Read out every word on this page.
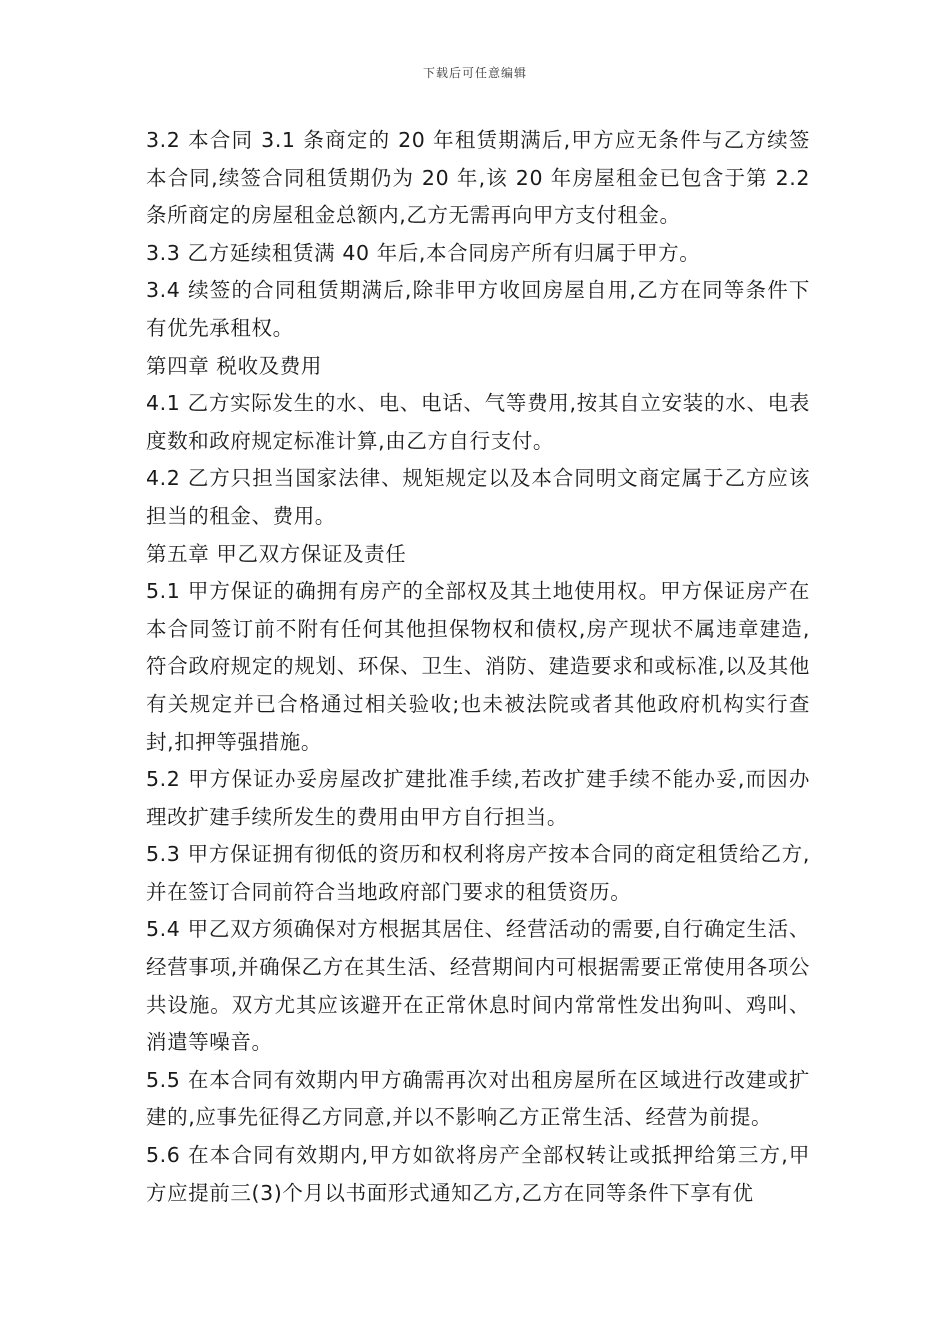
下载后可任意编辑

3.2 本合同 3.1 条商定的 20 年租赁期满后,甲方应无条件与乙方续签本合同,续签合同租赁期仍为 20 年,该 20 年房屋租金已包含于第 2.2 条所商定的房屋租金总额内,乙方无需再向甲方支付租金。

3.3 乙方延续租赁满 40 年后,本合同房产所有归属于甲方。

3.4 续签的合同租赁期满后,除非甲方收回房屋自用,乙方在同等条件下有优先承租权。

第四章 税收及费用

4.1 乙方实际发生的水、电、电话、气等费用,按其自立安装的水、电表度数和政府规定标准计算,由乙方自行支付。

4.2 乙方只担当国家法律、规矩规定以及本合同明文商定属于乙方应该担当的租金、费用。

第五章 甲乙双方保证及责任

5.1 甲方保证的确拥有房产的全部权及其土地使用权。甲方保证房产在本合同签订前不附有任何其他担保物权和债权,房产现状不属违章建造,符合政府规定的规划、环保、卫生、消防、建造要求和或标准,以及其他有关规定并已合格通过相关验收;也未被法院或者其他政府机构实行查封,扣押等强措施。

5.2 甲方保证办妥房屋改扩建批准手续,若改扩建手续不能办妥,而因办理改扩建手续所发生的费用由甲方自行担当。

5.3 甲方保证拥有彻低的资历和权利将房产按本合同的商定租赁给乙方,并在签订合同前符合当地政府部门要求的租赁资历。

5.4 甲乙双方须确保对方根据其居住、经营活动的需要,自行确定生活、经营事项,并确保乙方在其生活、经营期间内可根据需要正常使用各项公共设施。双方尤其应该避开在正常休息时间内常常性发出狗叫、鸡叫、消遣等噪音。

5.5 在本合同有效期内甲方确需再次对出租房屋所在区域进行改建或扩建的,应事先征得乙方同意,并以不影响乙方正常生活、经营为前提。

5.6 在本合同有效期内,甲方如欲将房产全部权转让或抵押给第三方,甲方应提前三(3)个月以书面形式通知乙方,乙方在同等条件下享有优
